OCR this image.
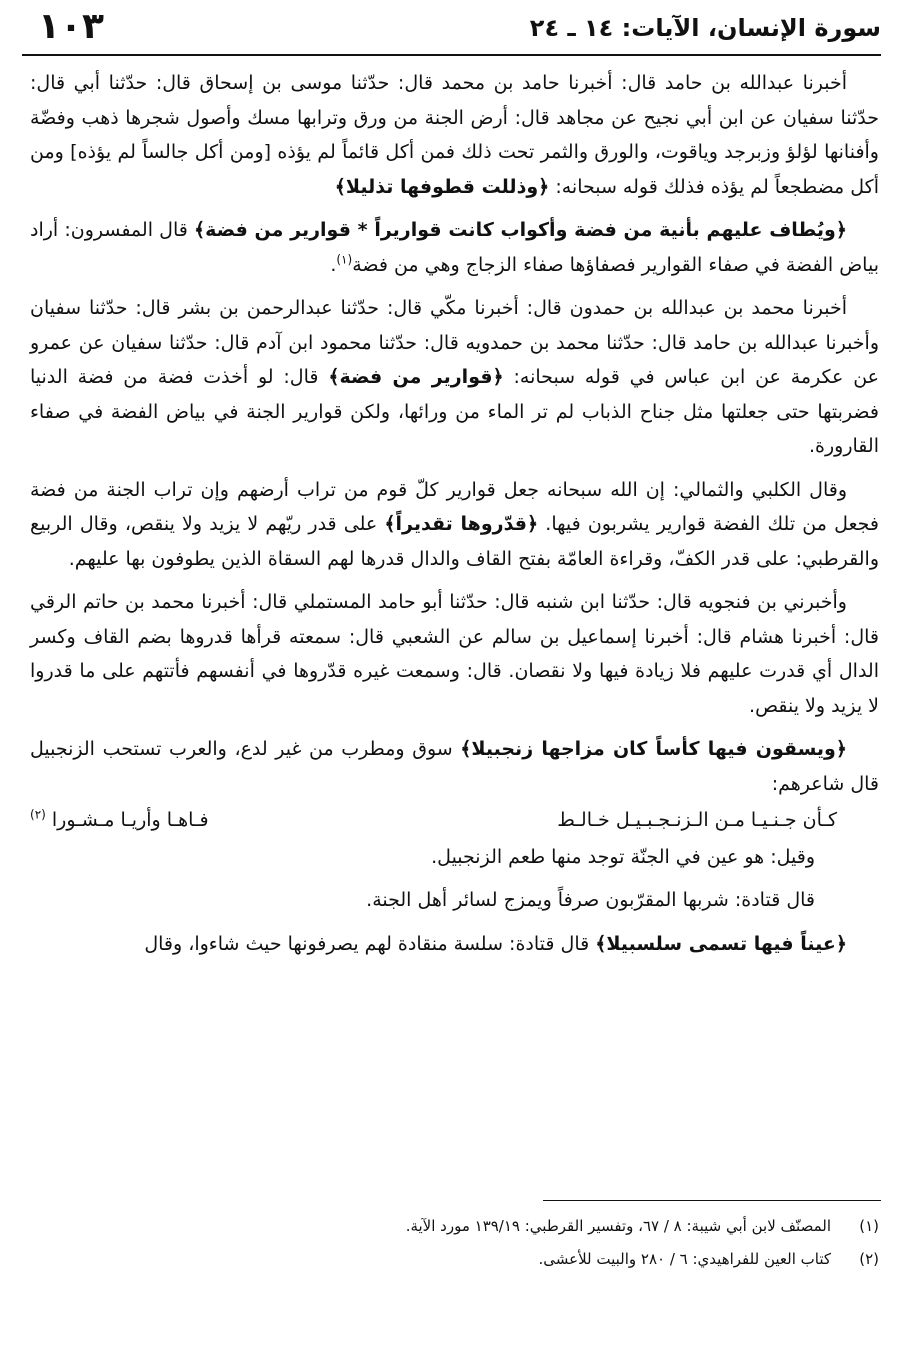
١٠٣	سورة الإنسان، الآيات: ١٤ ـ ٢٤

أخبرنا عبدالله بن حامد قال: أخبرنا حامد بن محمد قال: حدّثنا موسى بن إسحاق قال: حدّثنا أبي قال: حدّثنا سفيان عن ابن أبي نجيح عن مجاهد قال: أرض الجنة من ورق وترابها مسك وأصول شجرها ذهب وفضّة وأفنانها لؤلؤ وزبرجد وياقوت، والورق والثمر تحت ذلك فمن أكل قائماً لم يؤذه [ومن أكل جالساً لم يؤذه] ومن أكل مضطجعاً لم يؤذه فذلك قوله سبحانه: ﴿وذللت قطوفها تذليلا﴾

﴿ويُطاف عليهم بأنية من فضة وأكواب كانت قواريراً * قوارير من فضة﴾ قال المفسرون: أراد بياض الفضة في صفاء القوارير فصفاؤها صفاء الزجاج وهي من فضة$^{(١)}$.

أخبرنا محمد بن عبدالله بن حمدون قال: أخبرنا مكّي قال: حدّثنا عبدالرحمن بن بشر قال: حدّثنا سفيان وأخبرنا عبدالله بن حامد قال: حدّثنا محمد بن حمدويه قال: حدّثنا محمود ابن آدم قال: حدّثنا سفيان عن عمرو عن عكرمة عن ابن عباس في قوله سبحانه: ﴿قوارير من فضة﴾ قال: لو أخذت فضة من فضة الدنيا فضربتها حتى جعلتها مثل جناح الذباب لم تر الماء من ورائها، ولكن قوارير الجنة في بياض الفضة في صفاء القارورة.

وقال الكلبي والثمالي: إن الله سبحانه جعل قوارير كلّ قوم من تراب أرضهم وإن تراب الجنة من فضة فجعل من تلك الفضة قوارير يشربون فيها. ﴿قدّروها تقديراً﴾ على قدر ريّهم لا يزيد ولا ينقص، وقال الربيع والقرطبي: على قدر الكفّ، وقراءة العامّة بفتح القاف والدال قدرها لهم السقاة الذين يطوفون بها عليهم.

وأخبرني بن فنجويه قال: حدّثنا ابن شنبه قال: حدّثنا أبو حامد المستملي قال: أخبرنا محمد بن حاتم الرقي قال: أخبرنا هشام قال: أخبرنا إسماعيل بن سالم عن الشعبي قال: سمعته قرأها قدروها بضم القاف وكسر الدال أي قدرت عليهم فلا زيادة فيها ولا نقصان. قال: وسمعت غيره قدّروها في أنفسهم فأتتهم على ما قدروا لا يزيد ولا ينقص.

﴿ويسقون فيها كأساً كان مزاجها زنجبيلا﴾ سوق ومطرب من غير لدع، والعرب تستحب الزنجبيل قال شاعرهم:

كـأن جـنـيـا مـن الـزنـجـبـيـل خـالـط
فـاهـا وأريـا مـشـورا $^{(٢)}$

وقيل: هو عين في الجنّة توجد منها طعم الزنجبيل.

قال قتادة: شربها المقرّبون صرفاً ويمزج لسائر أهل الجنة.

﴿عيناً فيها تسمى سلسبيلا﴾ قال قتادة: سلسة منقادة لهم يصرفونها حيث شاءوا، وقال

(١)
المصنّف لابن أبي شيبة: ٨ / ٦٧، وتفسير القرطبي: ١٣٩/١٩ مورد الآية.
(٢)
كتاب العين للفراهيدي: ٦ / ٢٨٠ والبيت للأعشى.
